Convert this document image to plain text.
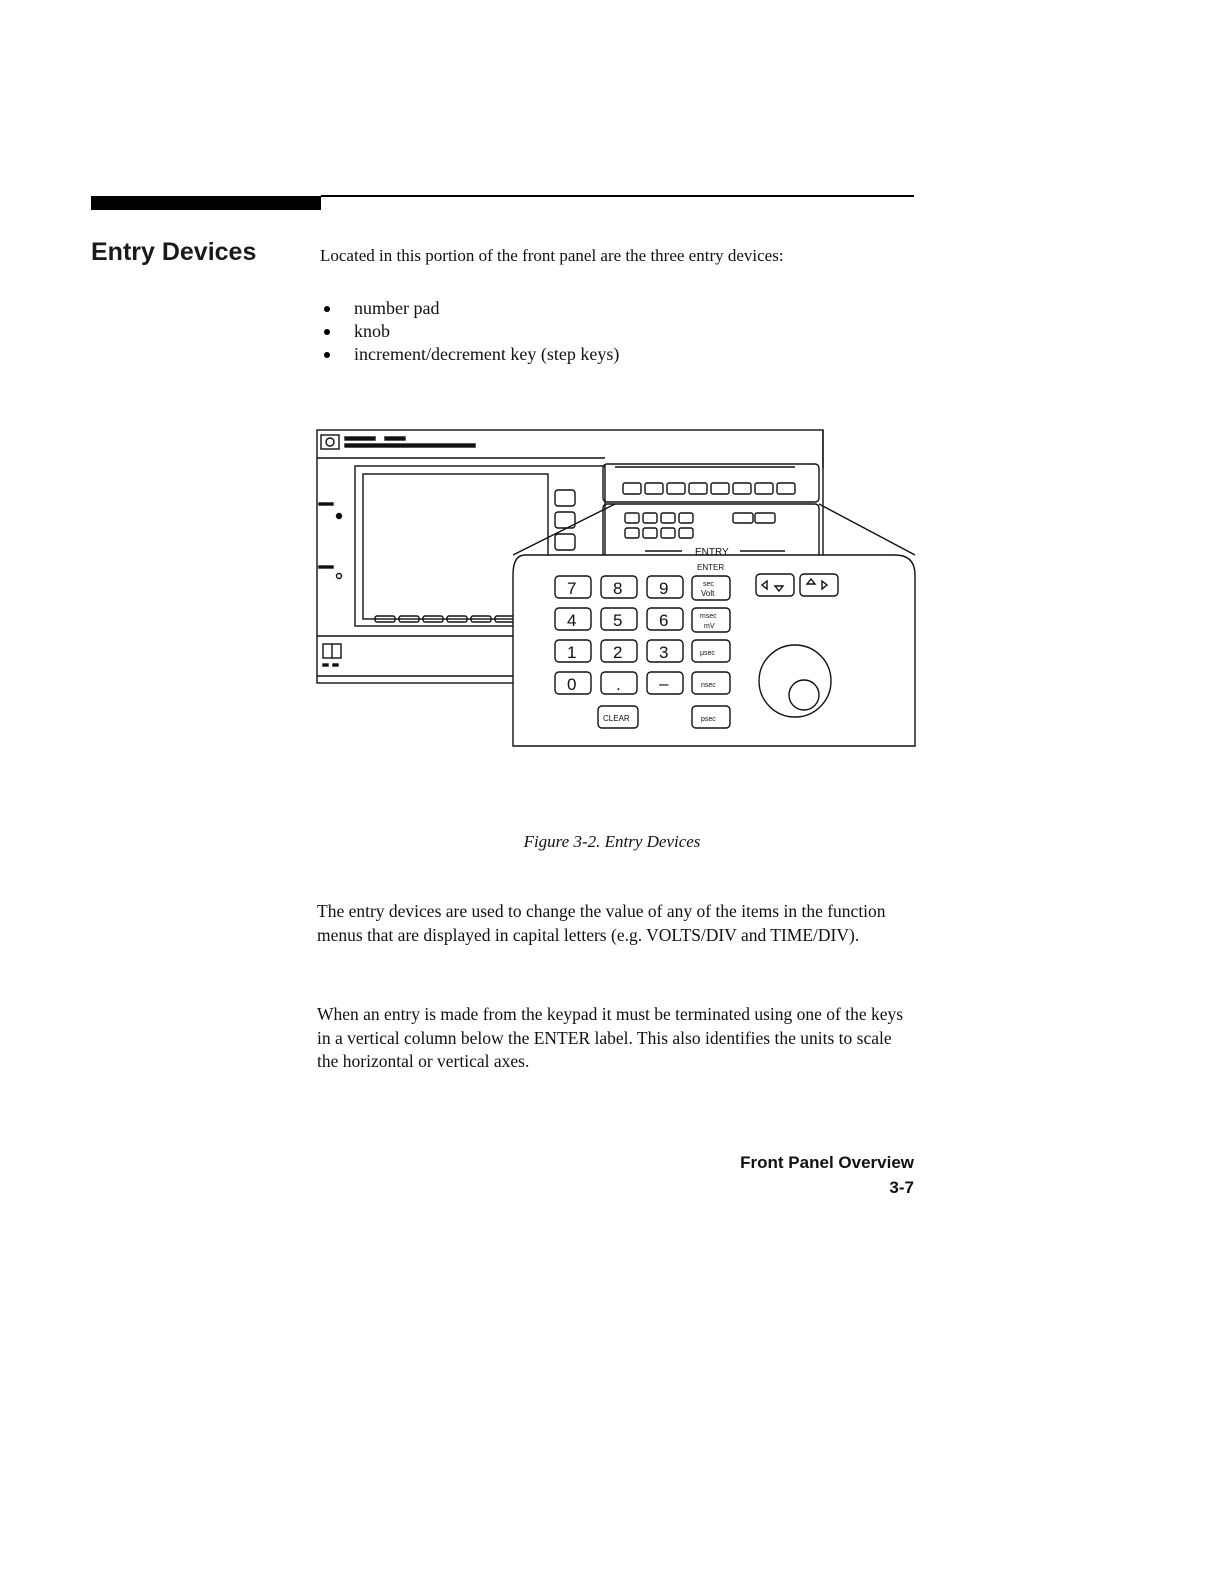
Entry Devices	Located in this portion of the front panel are the three entry devices:
number pad
knob
increment/decrement key (step keys)
ENTRY
ENTER
7 8 9
4 5 6
1 2 3
0 . –
CLEAR
sec
Volt
msec
mV
μsec
nsec
psec
Figure 3-2. Entry Devices

The entry devices are used to change the value of any of the items in the function menus that are displayed in capital letters (e.g. VOLTS/DIV and TIME/DIV).

When an entry is made from the keypad it must be terminated using one of the keys in a vertical column below the ENTER label. This also identifies the units to scale the horizontal or vertical axes.

Front Panel Overview
3-7
